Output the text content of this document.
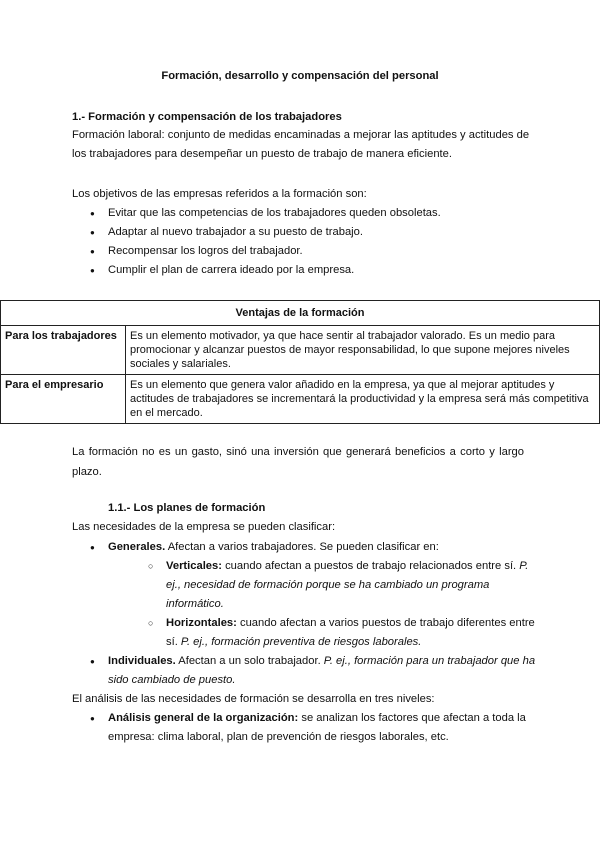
Formación, desarrollo y compensación del personal
1.- Formación y compensación de los trabajadores
Formación laboral: conjunto de medidas encaminadas a mejorar las aptitudes y actitudes de los trabajadores para desempeñar un puesto de trabajo de manera eficiente.
Los objetivos de las empresas referidos a la formación son:
● Evitar que las competencias de los trabajadores queden obsoletas.
● Adaptar al nuevo trabajador a su puesto de trabajo.
● Recompensar los logros del trabajador.
● Cumplir el plan de carrera ideado por la empresa.
Ventajas de la formación	
Para los trabajadores	Es un elemento motivador, ya que hace sentir al trabajador valorado. Es un medio para promocionar y alcanzar puestos de mayor responsabilidad, lo que supone mejores niveles sociales y salariales.
Para el empresario	Es un elemento que genera valor añadido en la empresa, ya que al mejorar aptitudes y actitudes de trabajadores se incrementará la productividad y la empresa será más competitiva en el mercado.
La formación no es un gasto, sinó una inversión que generará beneficios a corto y largo plazo.
1.1.- Los planes de formación
Las necesidades de la empresa se pueden clasificar:
● Generales. Afectan a varios trabajadores. Se pueden clasificar en:
○ Verticales: cuando afectan a puestos de trabajo relacionados entre sí. P. ej., necesidad de formación porque se ha cambiado un programa informático.
○ Horizontales: cuando afectan a varios puestos de trabajo diferentes entre sí. P. ej., formación preventiva de riesgos laborales.
● Individuales. Afectan a un solo trabajador. P. ej., formación para un trabajador que ha sido cambiado de puesto.
El análisis de las necesidades de formación se desarrolla en tres niveles:
● Análisis general de la organización: se analizan los factores que afectan a toda la empresa: clima laboral, plan de prevención de riesgos laborales, etc.
